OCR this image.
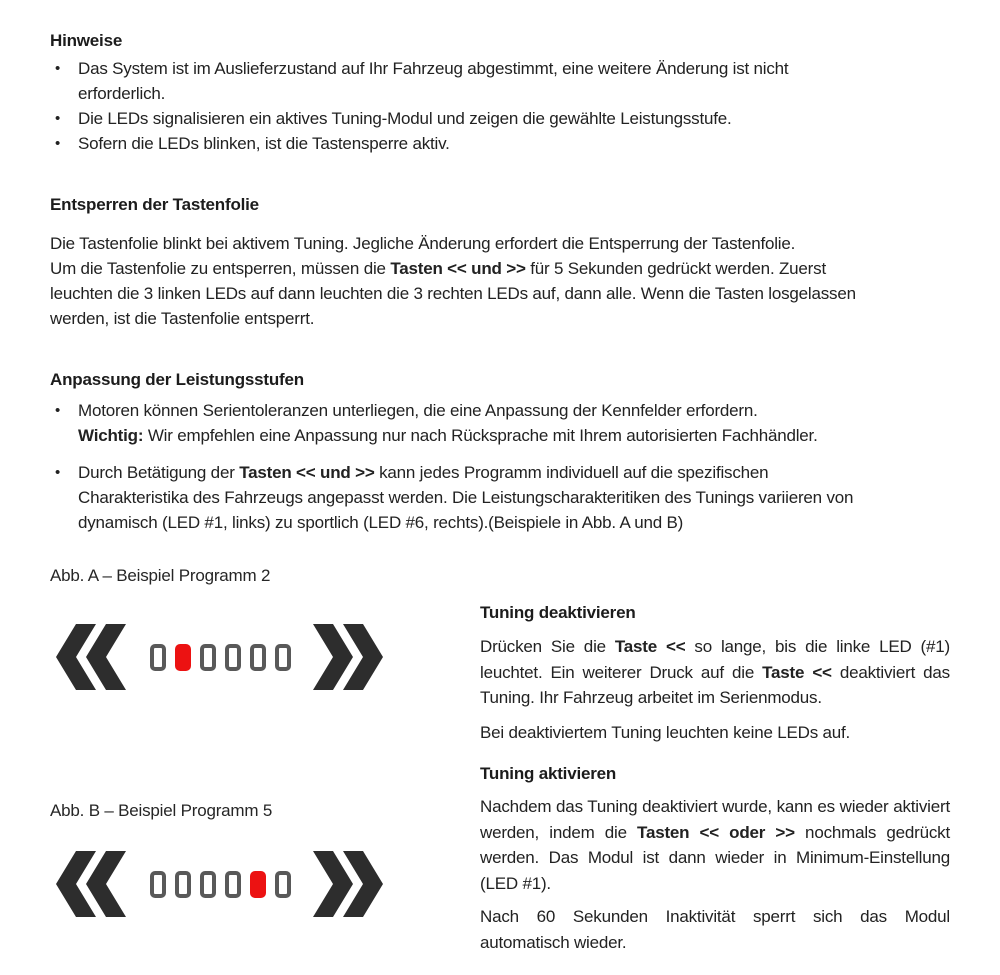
Hinweise
•	Das System ist im Auslieferzustand auf Ihr Fahrzeug abgestimmt, eine weitere Änderung ist nicht
erforderlich.
•	Die LEDs signalisieren ein aktives Tuning-Modul und zeigen die gewählte Leistungsstufe.
•	Sofern die LEDs blinken, ist die Tastensperre aktiv.
Entsperren der Tastenfolie

Die Tastenfolie blinkt bei aktivem Tuning. Jegliche Änderung erfordert die Entsperrung der Tastenfolie.
Um die Tastenfolie zu entsperren, müssen die Tasten << und >> für 5 Sekunden gedrückt werden. Zuerst
leuchten die 3 linken LEDs auf dann leuchten die 3 rechten LEDs auf, dann alle. Wenn die Tasten losgelassen
werden, ist die Tastenfolie entsperrt.

Anpassung der Leistungsstufen
•	Motoren können Serientoleranzen unterliegen, die eine Anpassung der Kennfelder erfordern.
Wichtig: Wir empfehlen eine Anpassung nur nach Rücksprache mit Ihrem autorisierten Fachhändler.
•	Durch Betätigung der Tasten << und >> kann jedes Programm individuell auf die spezifischen
Charakteristika des Fahrzeugs angepasst werden. Die Leistungscharakteritiken des Tunings variieren von
dynamisch (LED #1, links) zu sportlich (LED #6, rechts).(Beispiele in Abb. A und B)
Abb. A – Beispiel Programm 2
Abb. B – Beispiel Programm 5
Tuning deaktivieren

Drücken Sie die Taste << so lange, bis die linke LED (#1) leuchtet. Ein weiterer Druck auf die Taste << deaktiviert das Tuning. Ihr Fahrzeug arbeitet im Serienmodus.

Bei deaktiviertem Tuning leuchten keine LEDs auf.

Tuning aktivieren

Nachdem das Tuning deaktiviert wurde, kann es wieder aktiviert werden, indem die Tasten << oder >> nochmals gedrückt werden. Das Modul ist dann wieder in Minimum-Einstellung (LED #1).

Nach 60 Sekunden Inaktivität sperrt sich das Modul automatisch wieder.
